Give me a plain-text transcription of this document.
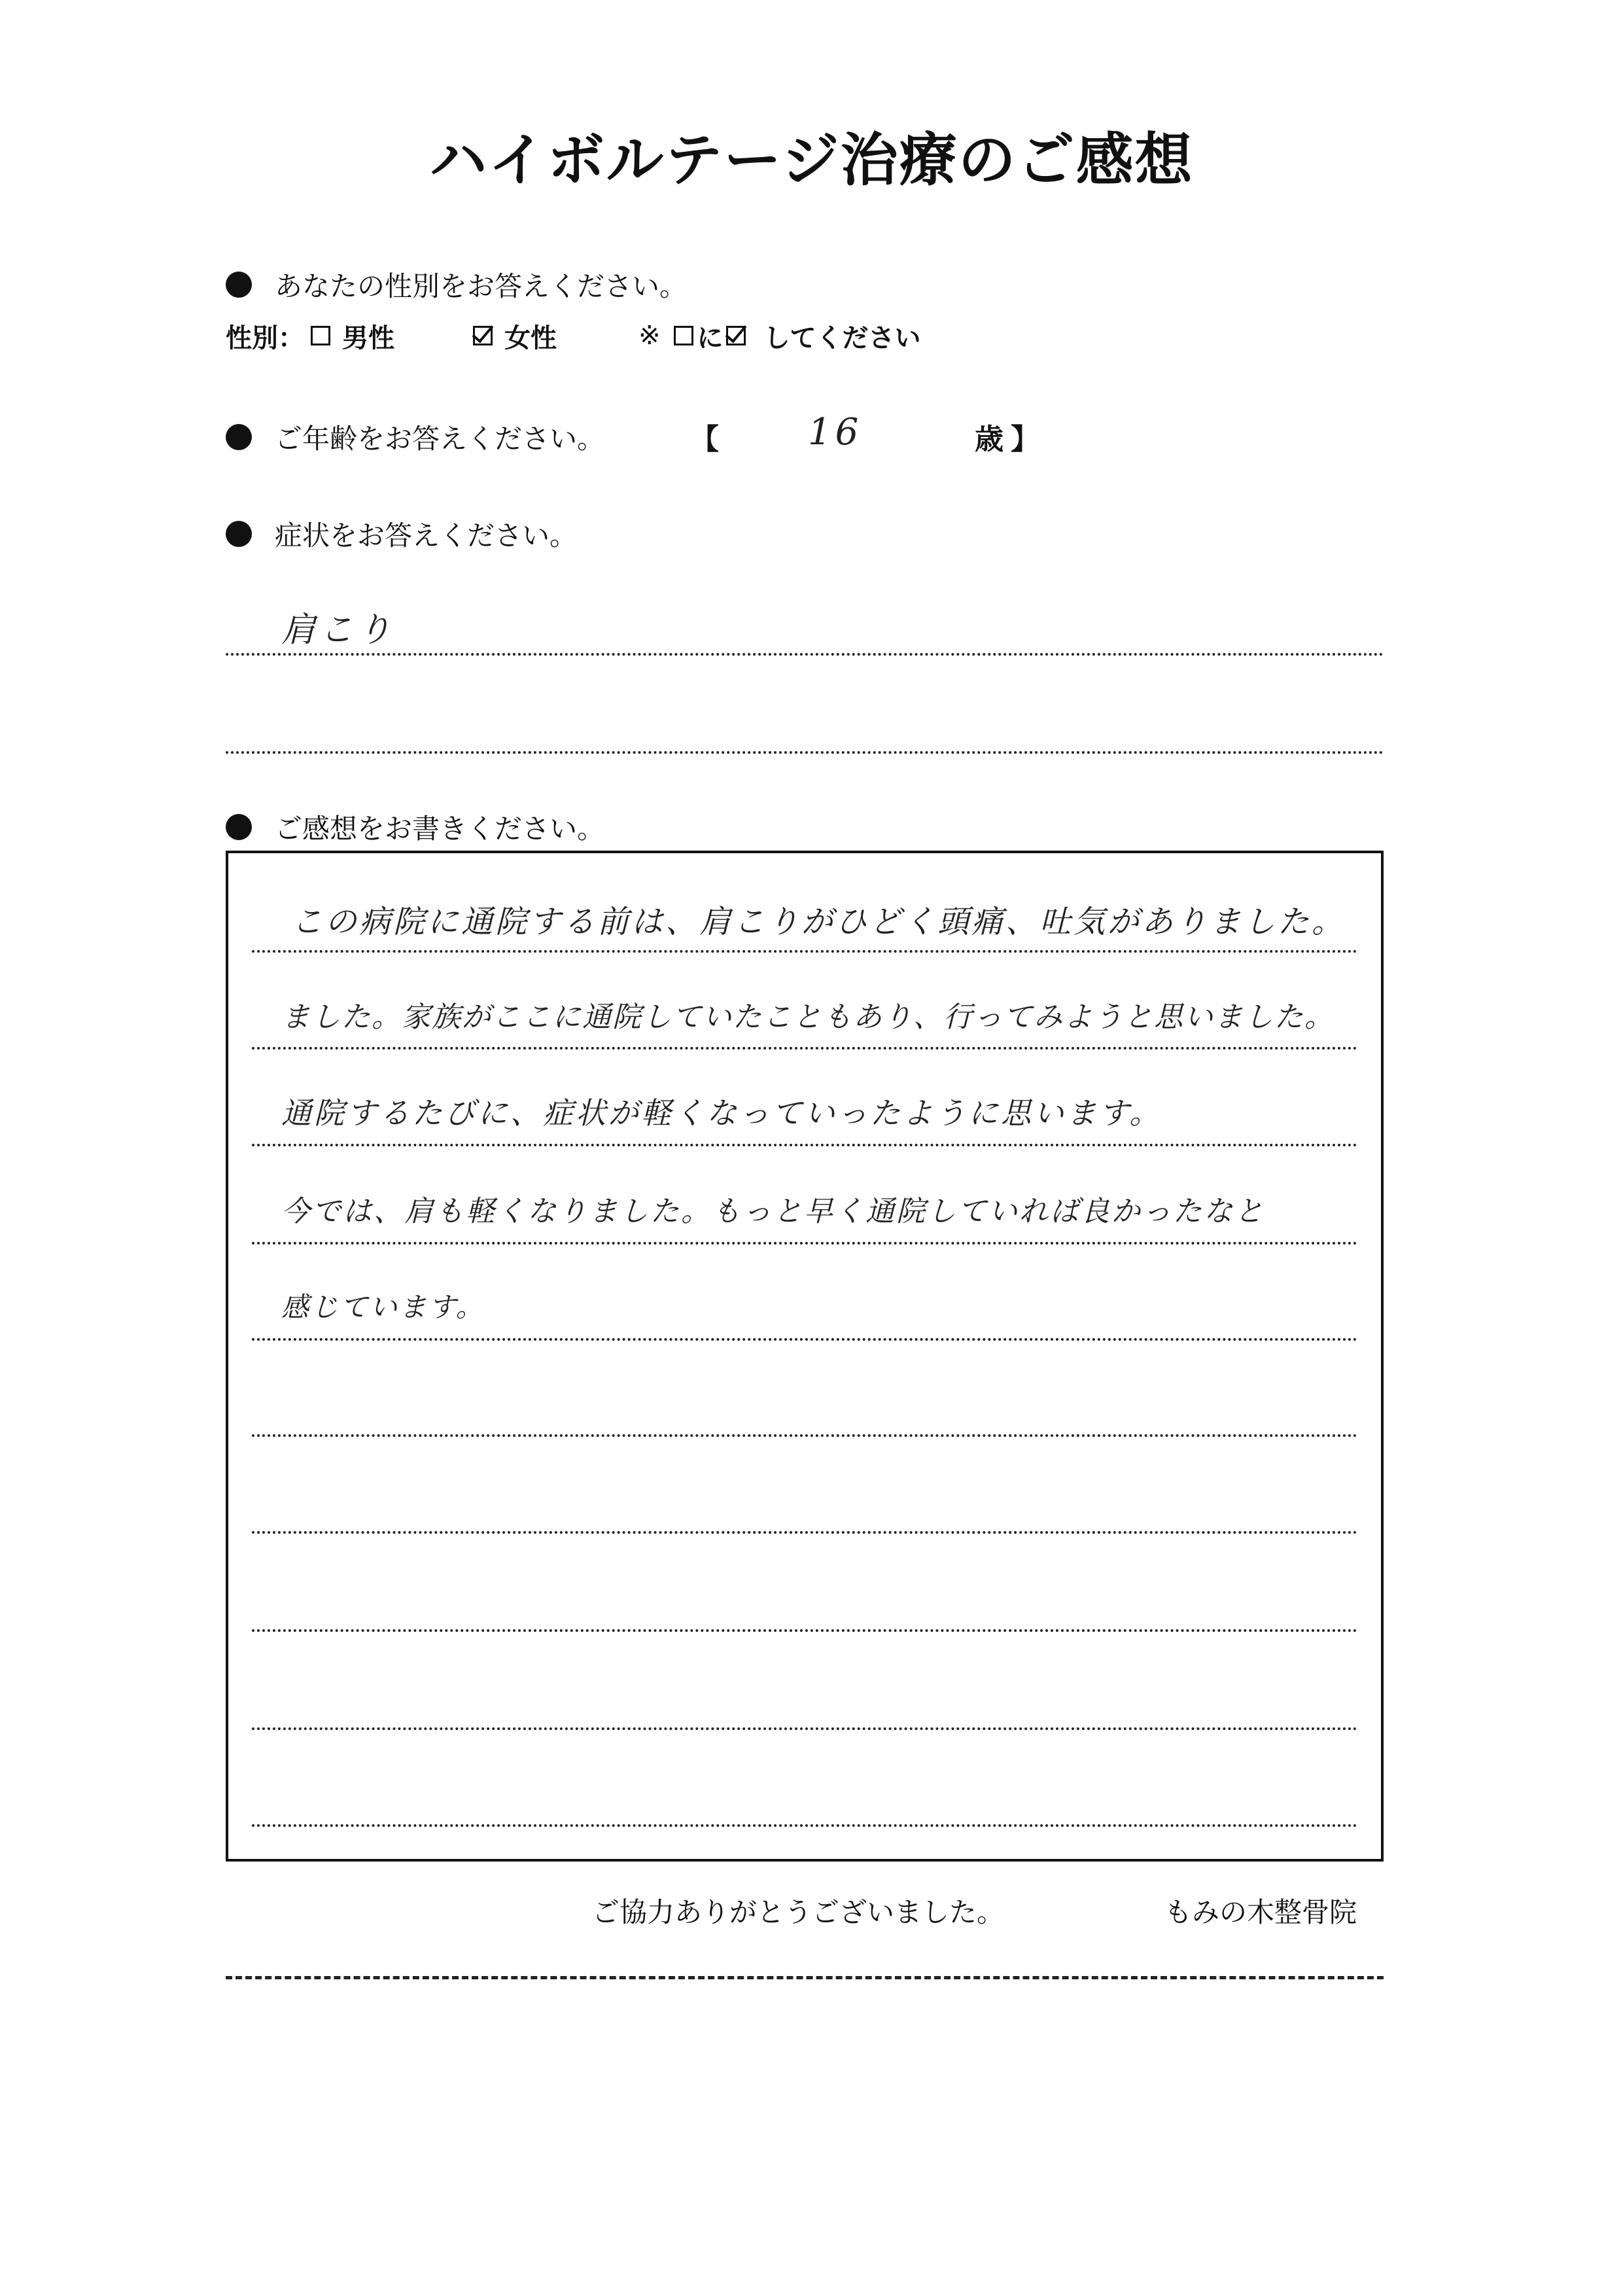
ハイボルテージ治療のご感想
あなたの性別をお答えください。
性別： 男性	女性	※ に してください
ご年齢をお答えください。	【 16	歳 】
症状をお答えください。
肩こり
ご感想をお書きください。
この病院に通院する前は、肩こりがひどく頭痛、吐気がありました。
ました。家族がここに通院していたこともあり、行ってみようと思いました。
通院するたびに、症状が軽くなっていったように思います。
今では、肩も軽くなりました。もっと早く通院していれば良かったなと
感じています。
ご協力ありがとうございました。	もみの木整骨院
